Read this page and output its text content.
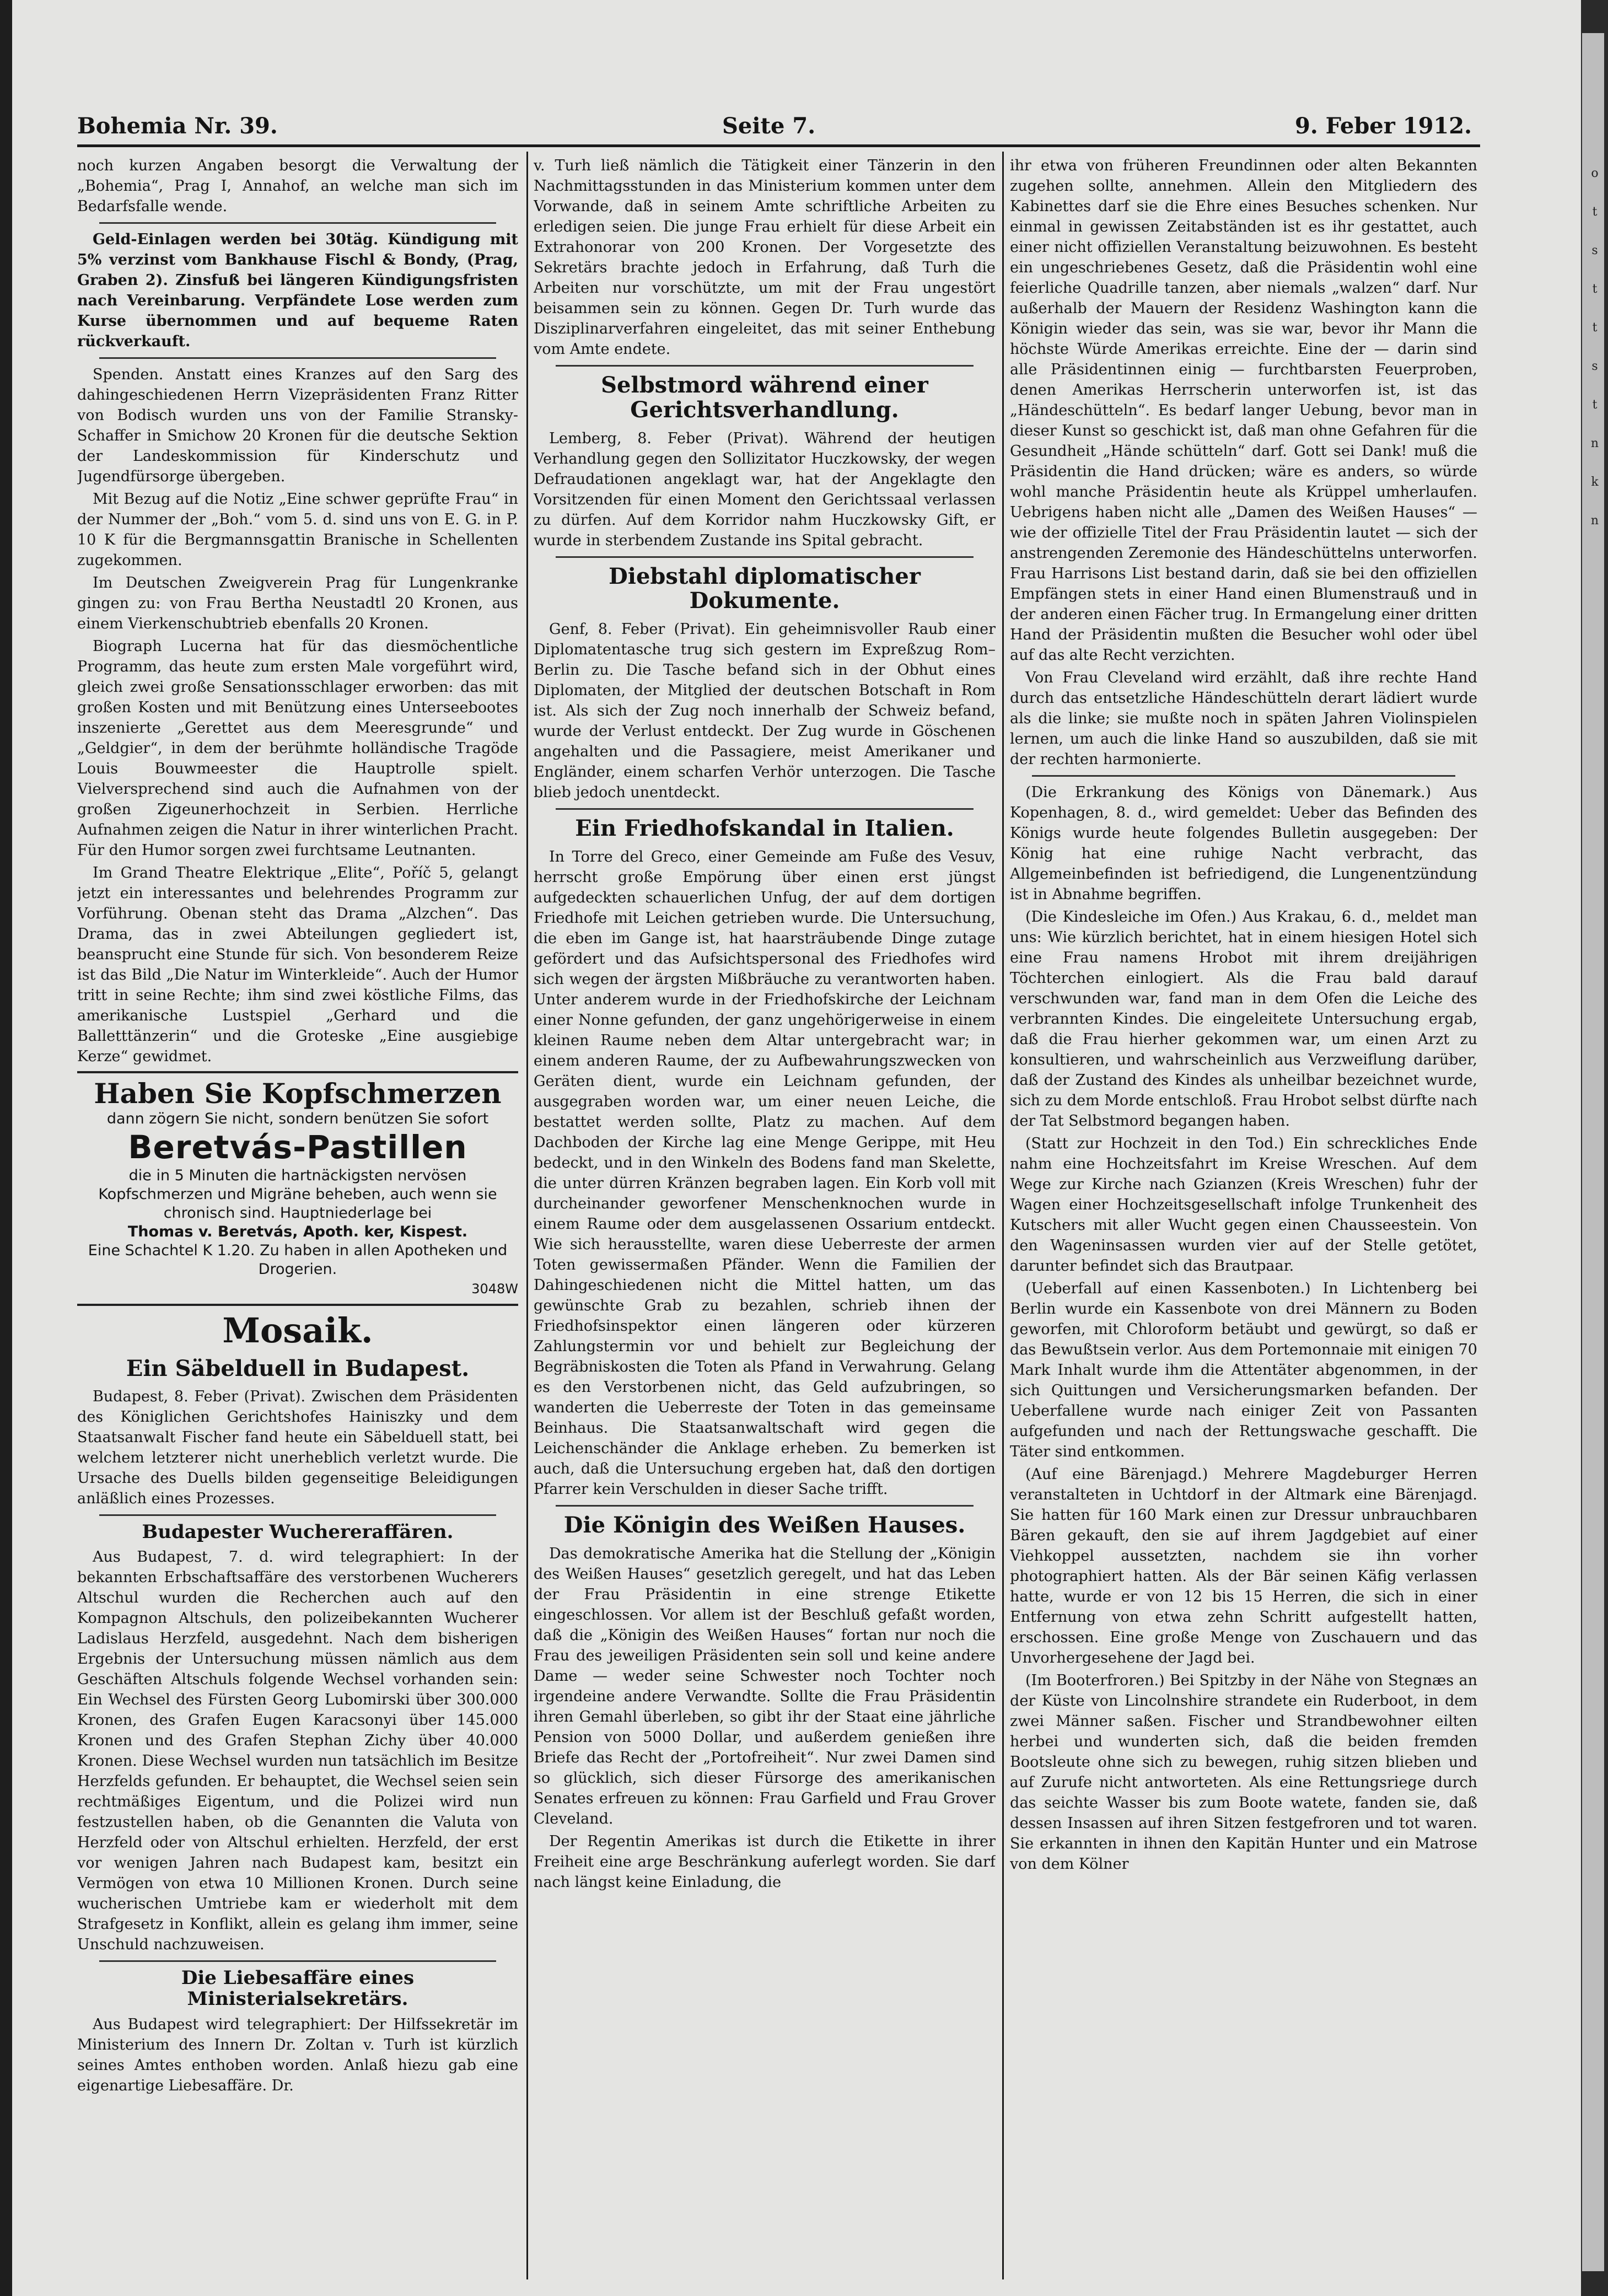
o
t
s
t
t
s
t
n
k
n
Bohemia Nr. 39.	Seite 7.	9. Feber 1912.

noch kurzen Angaben besorgt die Verwaltung der „Bohemia“, Prag I, Annahof, an welche man sich im Bedarfsfalle wende.

Geld-Einlagen werden bei 30täg. Kündigung mit 5% verzinst vom Bankhause Fischl & Bondy, (Prag, Graben 2). Zinsfuß bei längeren Kündigungsfristen nach Vereinbarung. Verpfändete Lose werden zum Kurse übernommen und auf bequeme Raten rückverkauft.

Spenden. Anstatt eines Kranzes auf den Sarg des dahingeschiedenen Herrn Vizepräsidenten Franz Ritter von Bodisch wurden uns von der Familie Stransky-Schaffer in Smichow 20 Kronen für die deutsche Sektion der Landeskommission für Kinderschutz und Jugendfürsorge übergeben.

Mit Bezug auf die Notiz „Eine schwer geprüfte Frau“ in der Nummer der „Boh.“ vom 5. d. sind uns von E. G. in P. 10 K für die Bergmannsgattin Branische in Schellenten zugekommen.

Im Deutschen Zweigverein Prag für Lungenkranke gingen zu: von Frau Bertha Neustadtl 20 Kronen, aus einem Vierkenschubtrieb ebenfalls 20 Kronen.

Biograph Lucerna hat für das diesmöchentliche Programm, das heute zum ersten Male vorgeführt wird, gleich zwei große Sensationsschlager erworben: das mit großen Kosten und mit Benützung eines Unterseebootes inszenierte „Gerettet aus dem Meeresgrunde“ und „Geldgier“, in dem der berühmte holländische Tragöde Louis Bouwmeester die Hauptrolle spielt. Vielversprechend sind auch die Aufnahmen von der großen Zigeunerhochzeit in Serbien. Herrliche Aufnahmen zeigen die Natur in ihrer winterlichen Pracht. Für den Humor sorgen zwei furchtsame Leutnanten.

Im Grand Theatre Elektrique „Elite“, Poříč 5, gelangt jetzt ein interessantes und belehrendes Programm zur Vorführung. Obenan steht das Drama „Alzchen“. Das Drama, das in zwei Abteilungen gegliedert ist, beansprucht eine Stunde für sich. Von besonderem Reize ist das Bild „Die Natur im Winterkleide“. Auch der Humor tritt in seine Rechte; ihm sind zwei köstliche Films, das amerikanische Lustspiel „Gerhard und die Balletttänzerin“ und die Groteske „Eine ausgiebige Kerze“ gewidmet.

Haben Sie Kopfschmerzen
dann zögern Sie nicht, sondern benützen Sie sofort
Beretvás-Pastillen
die in 5 Minuten die hartnäckigsten nervösen Kopfschmerzen und Migräne beheben, auch wenn sie chronisch sind. Hauptniederlage bei
Thomas v. Beretvás, Apoth. ker, Kispest.
Eine Schachtel K 1.20. Zu haben in allen Apotheken und Drogerien.
3048W
Mosaik.
Ein Säbelduell in Budapest.

Budapest, 8. Feber (Privat). Zwischen dem Präsidenten des Königlichen Gerichtshofes Hainiszky und dem Staatsanwalt Fischer fand heute ein Säbelduell statt, bei welchem letzterer nicht unerheblich verletzt wurde. Die Ursache des Duells bilden gegenseitige Beleidigungen anläßlich eines Prozesses.

Budapester Wuchereraffären.

Aus Budapest, 7. d. wird telegraphiert: In der bekannten Erbschaftsaffäre des verstorbenen Wucherers Altschul wurden die Recherchen auch auf den Kompagnon Altschuls, den polizeibekannten Wucherer Ladislaus Herzfeld, ausgedehnt. Nach dem bisherigen Ergebnis der Untersuchung müssen nämlich aus dem Geschäften Altschuls folgende Wechsel vorhanden sein: Ein Wechsel des Fürsten Georg Lubomirski über 300.000 Kronen, des Grafen Eugen Karacsonyi über 145.000 Kronen und des Grafen Stephan Zichy über 40.000 Kronen. Diese Wechsel wurden nun tatsächlich im Besitze Herzfelds gefunden. Er behauptet, die Wechsel seien sein rechtmäßiges Eigentum, und die Polizei wird nun festzustellen haben, ob die Genannten die Valuta von Herzfeld oder von Altschul erhielten. Herzfeld, der erst vor wenigen Jahren nach Budapest kam, besitzt ein Vermögen von etwa 10 Millionen Kronen. Durch seine wucherischen Umtriebe kam er wiederholt mit dem Strafgesetz in Konflikt, allein es gelang ihm immer, seine Unschuld nachzuweisen.

Die Liebesaffäre eines Ministerialsekretärs.

Aus Budapest wird telegraphiert: Der Hilfssekretär im Ministerium des Innern Dr. Zoltan v. Turh ist kürzlich seines Amtes enthoben worden. Anlaß hiezu gab eine eigenartige Liebesaffäre. Dr.

v. Turh ließ nämlich die Tätigkeit einer Tänzerin in den Nachmittagsstunden in das Ministerium kommen unter dem Vorwande, daß in seinem Amte schriftliche Arbeiten zu erledigen seien. Die junge Frau erhielt für diese Arbeit ein Extrahonorar von 200 Kronen. Der Vorgesetzte des Sekretärs brachte jedoch in Erfahrung, daß Turh die Arbeiten nur vorschützte, um mit der Frau ungestört beisammen sein zu können. Gegen Dr. Turh wurde das Disziplinarverfahren eingeleitet, das mit seiner Enthebung vom Amte endete.

Selbstmord während einer Gerichtsverhandlung.

Lemberg, 8. Feber (Privat). Während der heutigen Verhandlung gegen den Sollizitator Huczkowsky, der wegen Defraudationen angeklagt war, hat der Angeklagte den Vorsitzenden für einen Moment den Gerichtssaal verlassen zu dürfen. Auf dem Korridor nahm Huczkowsky Gift, er wurde in sterbendem Zustande ins Spital gebracht.

Diebstahl diplomatischer Dokumente.

Genf, 8. Feber (Privat). Ein geheimnisvoller Raub einer Diplomatentasche trug sich gestern im Expreßzug Rom–Berlin zu. Die Tasche befand sich in der Obhut eines Diplomaten, der Mitglied der deutschen Botschaft in Rom ist. Als sich der Zug noch innerhalb der Schweiz befand, wurde der Verlust entdeckt. Der Zug wurde in Göschenen angehalten und die Passagiere, meist Amerikaner und Engländer, einem scharfen Verhör unterzogen. Die Tasche blieb jedoch unentdeckt.

Ein Friedhofskandal in Italien.

In Torre del Greco, einer Gemeinde am Fuße des Vesuv, herrscht große Empörung über einen erst jüngst aufgedeckten schauerlichen Unfug, der auf dem dortigen Friedhofe mit Leichen getrieben wurde. Die Untersuchung, die eben im Gange ist, hat haarsträubende Dinge zutage gefördert und das Aufsichtspersonal des Friedhofes wird sich wegen der ärgsten Mißbräuche zu verantworten haben. Unter anderem wurde in der Friedhofskirche der Leichnam einer Nonne gefunden, der ganz ungehörigerweise in einem kleinen Raume neben dem Altar untergebracht war; in einem anderen Raume, der zu Aufbewahrungszwecken von Geräten dient, wurde ein Leichnam gefunden, der ausgegraben worden war, um einer neuen Leiche, die bestattet werden sollte, Platz zu machen. Auf dem Dachboden der Kirche lag eine Menge Gerippe, mit Heu bedeckt, und in den Winkeln des Bodens fand man Skelette, die unter dürren Kränzen begraben lagen. Ein Korb voll mit durcheinander geworfener Menschenknochen wurde in einem Raume oder dem ausgelassenen Ossarium entdeckt. Wie sich herausstellte, waren diese Ueberreste der armen Toten gewissermaßen Pfänder. Wenn die Familien der Dahingeschiedenen nicht die Mittel hatten, um das gewünschte Grab zu bezahlen, schrieb ihnen der Friedhofsinspektor einen längeren oder kürzeren Zahlungstermin vor und behielt zur Begleichung der Begräbniskosten die Toten als Pfand in Verwahrung. Gelang es den Verstorbenen nicht, das Geld aufzubringen, so wanderten die Ueberreste der Toten in das gemeinsame Beinhaus. Die Staatsanwaltschaft wird gegen die Leichenschänder die Anklage erheben. Zu bemerken ist auch, daß die Untersuchung ergeben hat, daß den dortigen Pfarrer kein Verschulden in dieser Sache trifft.

Die Königin des Weißen Hauses.

Das demokratische Amerika hat die Stellung der „Königin des Weißen Hauses“ gesetzlich geregelt, und hat das Leben der Frau Präsidentin in eine strenge Etikette eingeschlossen. Vor allem ist der Beschluß gefaßt worden, daß die „Königin des Weißen Hauses“ fortan nur noch die Frau des jeweiligen Präsidenten sein soll und keine andere Dame — weder seine Schwester noch Tochter noch irgendeine andere Verwandte. Sollte die Frau Präsidentin ihren Gemahl überleben, so gibt ihr der Staat eine jährliche Pension von 5000 Dollar, und außerdem genießen ihre Briefe das Recht der „Portofreiheit“. Nur zwei Damen sind so glücklich, sich dieser Fürsorge des amerikanischen Senates erfreuen zu können: Frau Garfield und Frau Grover Cleveland.

Der Regentin Amerikas ist durch die Etikette in ihrer Freiheit eine arge Beschränkung auferlegt worden. Sie darf nach längst keine Einladung, die

ihr etwa von früheren Freundinnen oder alten Bekannten zugehen sollte, annehmen. Allein den Mitgliedern des Kabinettes darf sie die Ehre eines Besuches schenken. Nur einmal in gewissen Zeitabständen ist es ihr gestattet, auch einer nicht offiziellen Veranstaltung beizuwohnen. Es besteht ein ungeschriebenes Gesetz, daß die Präsidentin wohl eine feierliche Quadrille tanzen, aber niemals „walzen“ darf. Nur außerhalb der Mauern der Residenz Washington kann die Königin wieder das sein, was sie war, bevor ihr Mann die höchste Würde Amerikas erreichte. Eine der — darin sind alle Präsidentinnen einig — furchtbarsten Feuerproben, denen Amerikas Herrscherin unterworfen ist, ist das „Händeschütteln“. Es bedarf langer Uebung, bevor man in dieser Kunst so geschickt ist, daß man ohne Gefahren für die Gesundheit „Hände schütteln“ darf. Gott sei Dank! muß die Präsidentin die Hand drücken; wäre es anders, so würde wohl manche Präsidentin heute als Krüppel umherlaufen. Uebrigens haben nicht alle „Damen des Weißen Hauses“ — wie der offizielle Titel der Frau Präsidentin lautet — sich der anstrengenden Zeremonie des Händeschüttelns unterworfen. Frau Harrisons List bestand darin, daß sie bei den offiziellen Empfängen stets in einer Hand einen Blumenstrauß und in der anderen einen Fächer trug. In Ermangelung einer dritten Hand der Präsidentin mußten die Besucher wohl oder übel auf das alte Recht verzichten.

Von Frau Cleveland wird erzählt, daß ihre rechte Hand durch das entsetzliche Händeschütteln derart lädiert wurde als die linke; sie mußte noch in späten Jahren Violinspielen lernen, um auch die linke Hand so auszubilden, daß sie mit der rechten harmonierte.

(Die Erkrankung des Königs von Dänemark.) Aus Kopenhagen, 8. d., wird gemeldet: Ueber das Befinden des Königs wurde heute folgendes Bulletin ausgegeben: Der König hat eine ruhige Nacht verbracht, das Allgemeinbefinden ist befriedigend, die Lungenentzündung ist in Abnahme begriffen.

(Die Kindesleiche im Ofen.) Aus Krakau, 6. d., meldet man uns: Wie kürzlich berichtet, hat in einem hiesigen Hotel sich eine Frau namens Hrobot mit ihrem dreijährigen Töchterchen einlogiert. Als die Frau bald darauf verschwunden war, fand man in dem Ofen die Leiche des verbrannten Kindes. Die eingeleitete Untersuchung ergab, daß die Frau hierher gekommen war, um einen Arzt zu konsultieren, und wahrscheinlich aus Verzweiflung darüber, daß der Zustand des Kindes als unheilbar bezeichnet wurde, sich zu dem Morde entschloß. Frau Hrobot selbst dürfte nach der Tat Selbstmord begangen haben.

(Statt zur Hochzeit in den Tod.) Ein schreckliches Ende nahm eine Hochzeitsfahrt im Kreise Wreschen. Auf dem Wege zur Kirche nach Gzianzen (Kreis Wreschen) fuhr der Wagen einer Hochzeitsgesellschaft infolge Trunkenheit des Kutschers mit aller Wucht gegen einen Chausseestein. Von den Wageninsassen wurden vier auf der Stelle getötet, darunter befindet sich das Brautpaar.

(Ueberfall auf einen Kassenboten.) In Lichtenberg bei Berlin wurde ein Kassenbote von drei Männern zu Boden geworfen, mit Chloroform betäubt und gewürgt, so daß er das Bewußtsein verlor. Aus dem Portemonnaie mit einigen 70 Mark Inhalt wurde ihm die Attentäter abgenommen, in der sich Quittungen und Versicherungsmarken befanden. Der Ueberfallene wurde nach einiger Zeit von Passanten aufgefunden und nach der Rettungswache geschafft. Die Täter sind entkommen.

(Auf eine Bärenjagd.) Mehrere Magdeburger Herren veranstalteten in Uchtdorf in der Altmark eine Bärenjagd. Sie hatten für 160 Mark einen zur Dressur unbrauchbaren Bären gekauft, den sie auf ihrem Jagdgebiet auf einer Viehkoppel aussetzten, nachdem sie ihn vorher photographiert hatten. Als der Bär seinen Käfig verlassen hatte, wurde er von 12 bis 15 Herren, die sich in einer Entfernung von etwa zehn Schritt aufgestellt hatten, erschossen. Eine große Menge von Zuschauern und das Unvorhergesehene der Jagd bei.

(Im Booterfroren.) Bei Spitzby in der Nähe von Stegnæs an der Küste von Lincolnshire strandete ein Ruderboot, in dem zwei Männer saßen. Fischer und Strandbewohner eilten herbei und wunderten sich, daß die beiden fremden Bootsleute ohne sich zu bewegen, ruhig sitzen blieben und auf Zurufe nicht antworteten. Als eine Rettungsriege durch das seichte Wasser bis zum Boote watete, fanden sie, daß dessen Insassen auf ihren Sitzen festgefroren und tot waren. Sie erkannten in ihnen den Kapitän Hunter und ein Matrose von dem Kölner
